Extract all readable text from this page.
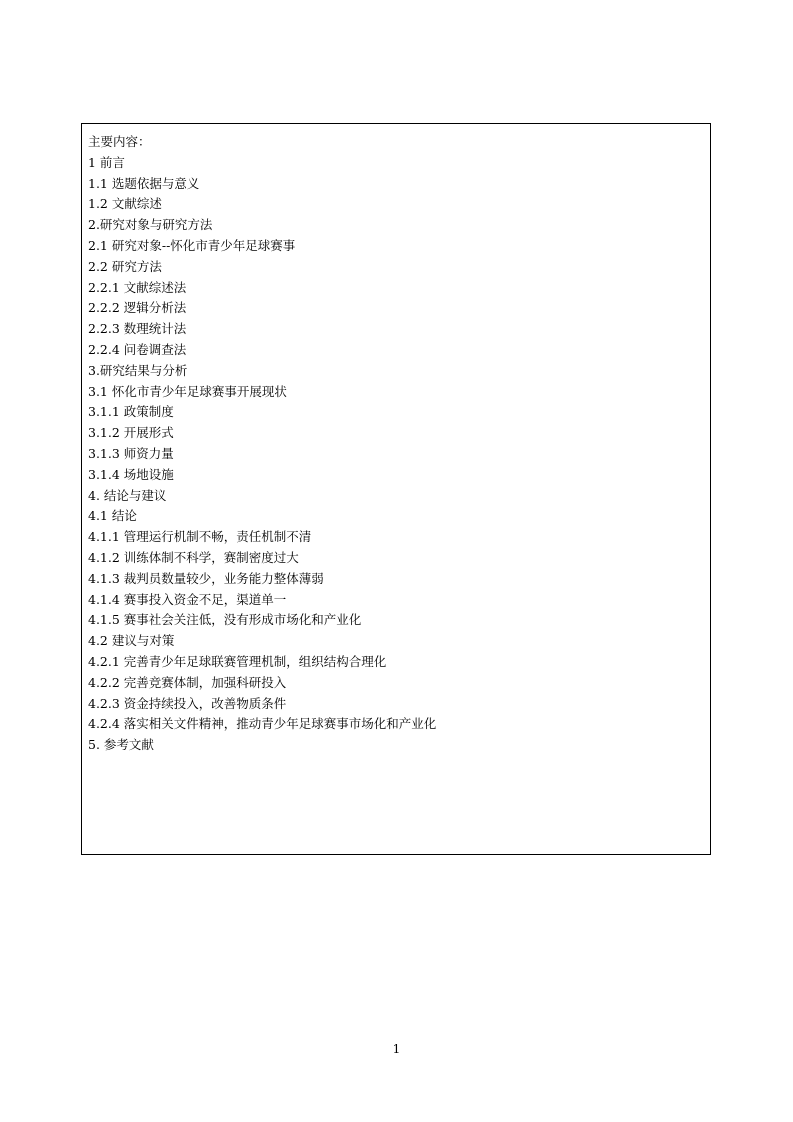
主要内容：
1 前言
1.1 选题依据与意义
1.2 文献综述
2.研究对象与研究方法
2.1 研究对象--怀化市青少年足球赛事
2.2 研究方法
2.2.1 文献综述法
2.2.2 逻辑分析法
2.2.3 数理统计法
2.2.4 问卷调查法
3.研究结果与分析
3.1 怀化市青少年足球赛事开展现状
3.1.1 政策制度
3.1.2 开展形式
3.1.3 师资力量
3.1.4 场地设施
4. 结论与建议
4.1 结论
4.1.1 管理运行机制不畅，责任机制不清
4.1.2 训练体制不科学，赛制密度过大
4.1.3 裁判员数量较少，业务能力整体薄弱
4.1.4 赛事投入资金不足，渠道单一
4.1.5 赛事社会关注低，没有形成市场化和产业化
4.2 建议与对策
4.2.1 完善青少年足球联赛管理机制，组织结构合理化
4.2.2 完善竞赛体制，加强科研投入
4.2.3 资金持续投入，改善物质条件
4.2.4 落实相关文件精神，推动青少年足球赛事市场化和产业化
5. 参考文献
1
